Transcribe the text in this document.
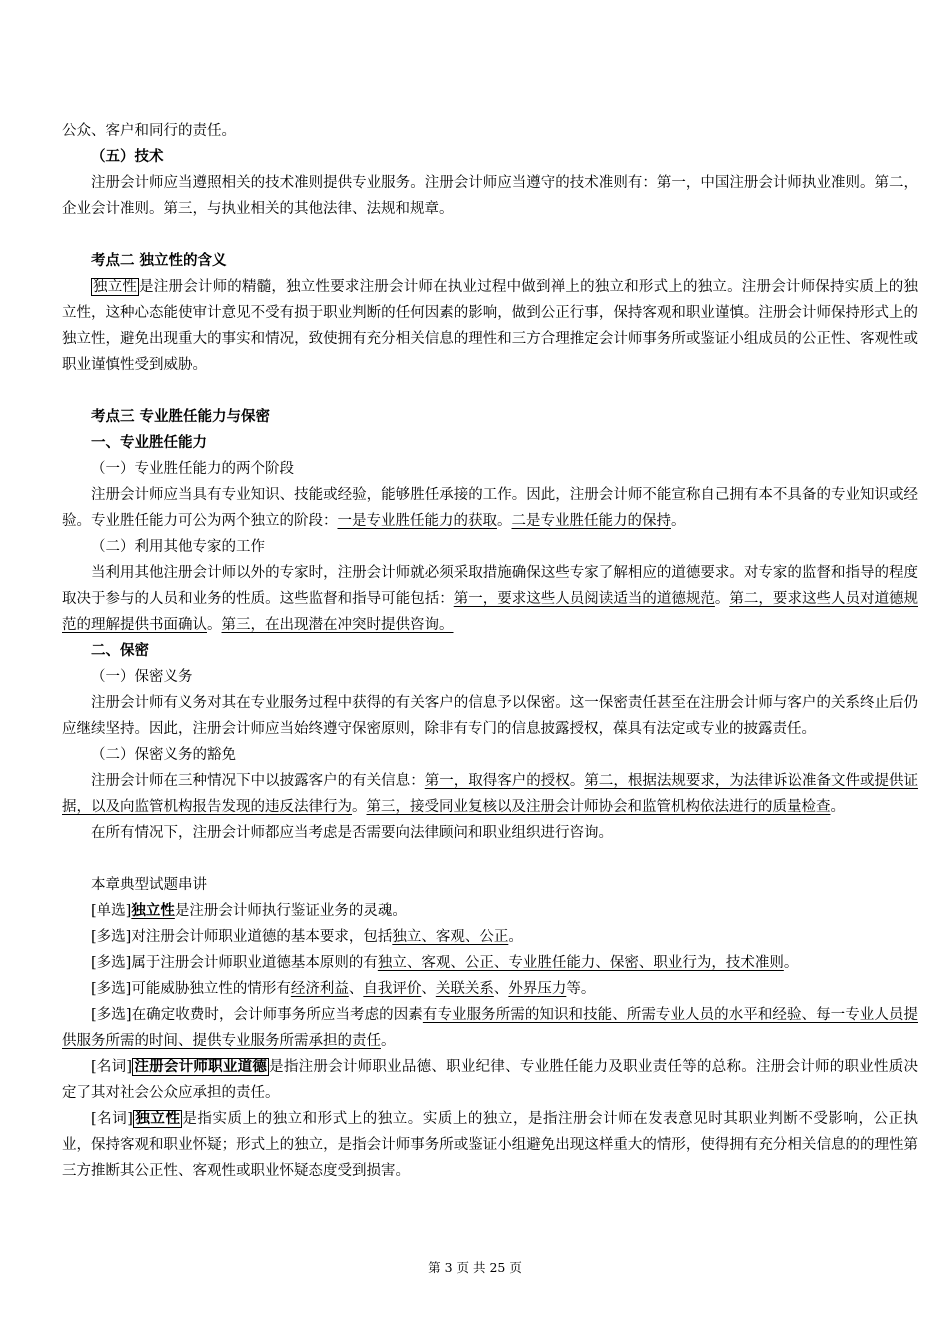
公众、客户和同行的责任。
（五）技术
注册会计师应当遵照相关的技术准则提供专业服务。注册会计师应当遵守的技术准则有：第一，中国注册会计师执业准则。第二，企业会计准则。第三，与执业相关的其他法律、法规和规章。
考点二 独立性的含义
独立性 是注册会计师的精髓，独立性要求注册会计师在执业过程中做到禅上的独立和形式上的独立。注册会计师保持实质上的独立性，这种心态能使审计意见不受有损于职业判断的任何因素的影响，做到公正行事，保持客观和职业谨慎。注册会计师保持形式上的独立性，避免出现重大的事实和情况，致使拥有充分相关信息的理性和三方合理推定会计师事务所或鉴证小组成员的公正性、客观性或职业谨慎性受到威胁。
考点三 专业胜任能力与保密
一、专业胜任能力
（一）专业胜任能力的两个阶段
注册会计师应当具有专业知识、技能或经验，能够胜任承接的工作。因此，注册会计师不能宣称自己拥有本不具备的专业知识或经验。专业胜任能力可公为两个独立的阶段：一是专业胜任能力的获取。二是专业胜任能力的保持。
（二）利用其他专家的工作
当利用其他注册会计师以外的专家时，注册会计师就必须采取措施确保这些专家了解相应的道德要求。对专家的监督和指导的程度取决于参与的人员和业务的性质。这些监督和指导可能包括：第一，要求这些人员阅读适当的道德规范。第二，要求这些人员对道德规范的理解提供书面确认。第三，在出现潜在冲突时提供咨询。
二、保密
（一）保密义务
注册会计师有义务对其在专业服务过程中获得的有关客户的信息予以保密。这一保密责任甚至在注册会计师与客户的关系终止后仍应继续坚持。因此，注册会计师应当始终遵守保密原则，除非有专门的信息披露授权，葆具有法定或专业的披露责任。
（二）保密义务的豁免
注册会计师在三种情况下中以披露客户的有关信息：第一，取得客户的授权。第二，根据法规要求，为法律诉讼准备文件或提供证据，以及向监管机构报告发现的违反法律行为。第三，接受同业复核以及注册会计师协会和监管机构依法进行的质量检查。
在所有情况下，注册会计师都应当考虑是否需要向法律顾问和职业组织进行咨询。
本章典型试题串讲
[单选]独立性是注册会计师执行鉴证业务的灵魂。
[多选]对注册会计师职业道德的基本要求，包括独立、客观、公正。
[多选]属于注册会计师职业道德基本原则的有独立、客观、公正、专业胜任能力、保密、职业行为，技术准则。
[多选]可能威胁独立性的情形有经济利益、自我评价、关联关系、外界压力等。
[多选]在确定收费时，会计师事务所应当考虑的因素有专业服务所需的知识和技能、所需专业人员的水平和经验、每一专业人员提供服务所需的时间、提供专业服务所需承担的责任。
[名词] 注册会计师职业道德 是指注册会计师职业品德、职业纪律、专业胜任能力及职业责任等的总称。注册会计师的职业性质决定了其对社会公众应承担的责任。
[名词] 独立性 是指实质上的独立和形式上的独立。实质上的独立，是指注册会计师在发表意见时其职业判断不受影响，公正执业，保持客观和职业怀疑；形式上的独立，是指会计师事务所或鉴证小组避免出现这样重大的情形，使得拥有充分相关信息的的理性第三方推断其公正性、客观性或职业怀疑态度受到损害。
第 3 页 共 25 页
